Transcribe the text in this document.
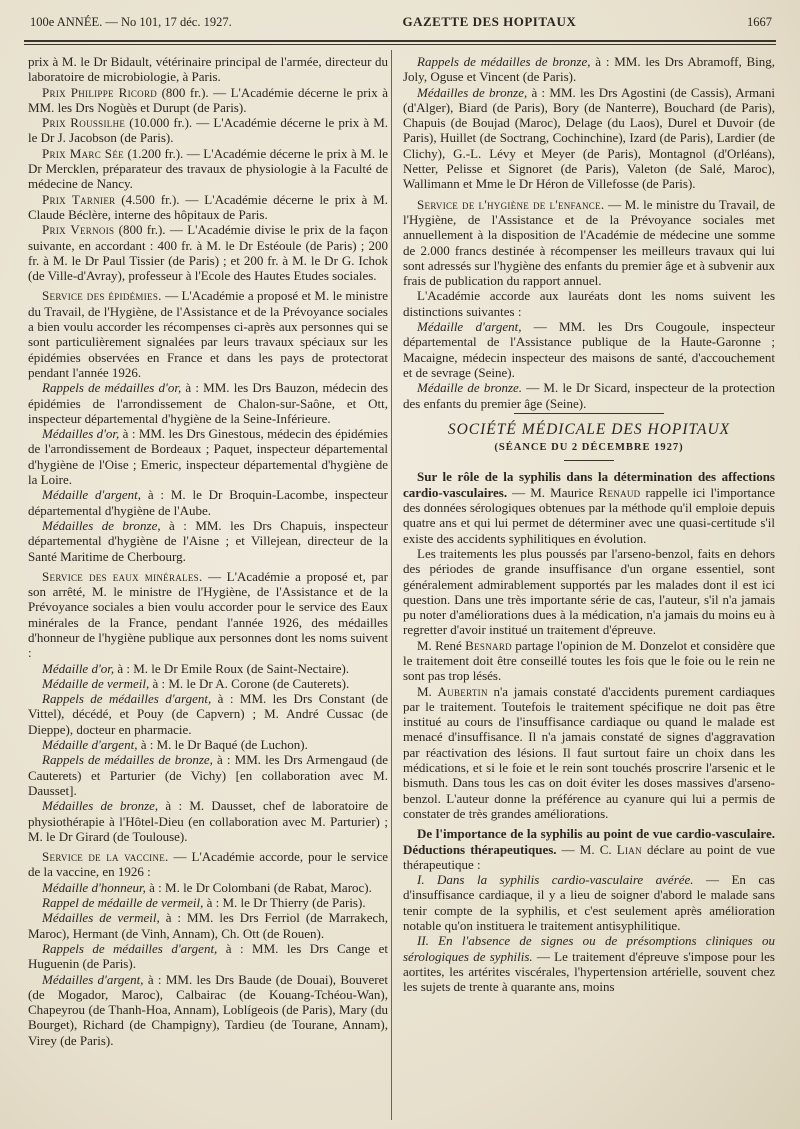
100e ANNÉE. — No 101, 17 déc. 1927.	GAZETTE DES HOPITAUX	1667

prix à M. le Dr Bidault, vétérinaire principal de l'armée, directeur du laboratoire de microbiologie, à Paris.

Prix Philippe Ricord (800 fr.). — L'Académie décerne le prix à MM. les Drs Nogùès et Durupt (de Paris).

Prix Roussilhe (10.000 fr.). — L'Académie décerne le prix à M. le Dr J. Jacobson (de Paris).

Prix Marc Sée (1.200 fr.). — L'Académie décerne le prix à M. le Dr Mercklen, préparateur des travaux de physiologie à la Faculté de médecine de Nancy.

Prix Tarnier (4.500 fr.). — L'Académie décerne le prix à M. Claude Béclère, interne des hôpitaux de Paris.

Prix Vernois (800 fr.). — L'Académie divise le prix de la façon suivante, en accordant : 400 fr. à M. le Dr Estéoule (de Paris) ; 200 fr. à M. le Dr Paul Tissier (de Paris) ; et 200 fr. à M. le Dr G. Ichok (de Ville-d'Avray), professeur à l'Ecole des Hautes Etudes sociales.

Service des épidémies. — L'Académie a proposé et M. le ministre du Travail, de l'Hygiène, de l'Assistance et de la Prévoyance sociales a bien voulu accorder les récompenses ci-après aux personnes qui se sont particulièrement signalées par leurs travaux spéciaux sur les épidémies observées en France et dans les pays de protectorat pendant l'année 1926.

Rappels de médailles d'or, à : MM. les Drs Bauzon, médecin des épidémies de l'arrondissement de Chalon-sur-Saône, et Ott, inspecteur départemental d'hygiène de la Seine-Inférieure.

Médailles d'or, à : MM. les Drs Ginestous, médecin des épidémies de l'arrondissement de Bordeaux ; Paquet, inspecteur départemental d'hygiène de l'Oise ; Emeric, inspecteur départemental d'hygiène de la Loire.

Médaille d'argent, à : M. le Dr Broquin-Lacombe, inspecteur départemental d'hygiène de l'Aube.

Médailles de bronze, à : MM. les Drs Chapuis, inspecteur départemental d'hygiène de l'Aisne ; et Villejean, directeur de la Santé Maritime de Cherbourg.

Service des eaux minérales. — L'Académie a proposé et, par son arrêté, M. le ministre de l'Hygiène, de l'Assistance et de la Prévoyance sociales a bien voulu accorder pour le service des Eaux minérales de la France, pendant l'année 1926, des médailles d'honneur de l'hygiène publique aux personnes dont les noms suivent :

Médaille d'or, à : M. le Dr Emile Roux (de Saint-Nectaire).

Médaille de vermeil, à : M. le Dr A. Corone (de Cauterets).

Rappels de médailles d'argent, à : MM. les Drs Constant (de Vittel), décédé, et Pouy (de Capvern) ; M. André Cussac (de Dieppe), docteur en pharmacie.

Médaille d'argent, à : M. le Dr Baqué (de Luchon).

Rappels de médailles de bronze, à : MM. les Drs Armengaud (de Cauterets) et Parturier (de Vichy) [en collaboration avec M. Dausset].

Médailles de bronze, à : M. Dausset, chef de laboratoire de physiothérapie à l'Hôtel-Dieu (en collaboration avec M. Parturier) ; M. le Dr Girard (de Toulouse).

Service de la vaccine. — L'Académie accorde, pour le service de la vaccine, en 1926 :

Médaille d'honneur, à : M. le Dr Colombani (de Rabat, Maroc).

Rappel de médaille de vermeil, à : M. le Dr Thierry (de Paris).

Médailles de vermeil, à : MM. les Drs Ferriol (de Marrakech, Maroc), Hermant (de Vinh, Annam), Ch. Ott (de Rouen).

Rappels de médailles d'argent, à : MM. les Drs Cange et Huguenin (de Paris).

Médailles d'argent, à : MM. les Drs Baude (de Douai), Bouveret (de Mogador, Maroc), Calbairac (de Kouang-Tchéou-Wan), Chapeyrou (de Thanh-Hoa, Annam), Loblígeois (de Paris), Mary (du Bourget), Richard (de Champigny), Tardieu (de Tourane, Annam), Virey (de Paris).

Rappels de médailles de bronze, à : MM. les Drs Abramoff, Bing, Joly, Oguse et Vincent (de Paris).

Médailles de bronze, à : MM. les Drs Agostini (de Cassis), Armani (d'Alger), Biard (de Paris), Bory (de Nanterre), Bouchard (de Paris), Chapuis (de Boujad (Maroc), Delage (du Laos), Durel et Duvoir (de Paris), Huillet (de Soctrang, Cochinchine), Izard (de Paris), Lardier (de Clichy), G.-L. Lévy et Meyer (de Paris), Montagnol (d'Orléans), Netter, Pelisse et Signoret (de Paris), Valeton (de Salé, Maroc), Wallimann et Mme le Dr Héron de Villefosse (de Paris).

Service de l'hygiène de l'enfance. — M. le ministre du Travail, de l'Hygiène, de l'Assistance et de la Prévoyance sociales met annuellement à la disposition de l'Académie de médecine une somme de 2.000 francs destinée à récompenser les meilleurs travaux qui lui sont adressés sur l'hygiène des enfants du premier âge et à subvenir aux frais de publication du rapport annuel.

L'Académie accorde aux lauréats dont les noms suivent les distinctions suivantes :

Médaille d'argent, — MM. les Drs Cougoule, inspecteur départemental de l'Assistance publique de la Haute-Garonne ; Macaigne, médecin inspecteur des maisons de santé, d'accouchement et de sevrage (Seine).

Médaille de bronze. — M. le Dr Sicard, inspecteur de la protection des enfants du premier âge (Seine).

SOCIÉTÉ MÉDICALE DES HOPITAUX
(SÉANCE DU 2 DÉCEMBRE 1927)

Sur le rôle de la syphilis dans la détermination des affections cardio-vasculaires. — M. Maurice Renaud rappelle ici l'importance des données sérologiques obtenues par la méthode qu'il emploie depuis quatre ans et qui lui permet de déterminer avec une quasi-certitude s'il existe des accidents syphilitiques en évolution.

Les traitements les plus poussés par l'arseno-benzol, faits en dehors des périodes de grande insuffisance d'un organe essentiel, sont généralement admirablement supportés par les malades dont il est ici question. Dans une très importante série de cas, l'auteur, s'il n'a jamais pu noter d'améliorations dues à la médication, n'a jamais du moins eu à regretter d'avoir institué un traitement d'épreuve.

M. René Besnard partage l'opinion de M. Donzelot et considère que le traitement doit être conseillé toutes les fois que le foie ou le rein ne sont pas trop lésés.

M. Aubertin n'a jamais constaté d'accidents purement cardiaques par le traitement. Toutefois le traitement spécifique ne doit pas être institué au cours de l'insuffisance cardiaque ou quand le malade est menacé d'insuffisance. Il n'a jamais constaté de signes d'aggravation par réactivation des lésions. Il faut surtout faire un choix dans les médications, et si le foie et le rein sont touchés proscrire l'arsenic et le bismuth. Dans tous les cas on doit éviter les doses massives d'arseno-benzol. L'auteur donne la préférence au cyanure qui lui a permis de constater de très grandes améliorations.

De l'importance de la syphilis au point de vue cardio-vasculaire. Déductions thérapeutiques. — M. C. Lian déclare au point de vue thérapeutique :

I. Dans la syphilis cardio-vasculaire avérée. — En cas d'insuffisance cardiaque, il y a lieu de soigner d'abord le malade sans tenir compte de la syphilis, et c'est seulement après amélioration notable qu'on instituera le traitement antisyphilitique.

II. En l'absence de signes ou de présomptions cliniques ou sérologiques de syphilis. — Le traitement d'épreuve s'impose pour les aortites, les artérites viscérales, l'hypertension artérielle, souvent chez les sujets de trente à quarante ans, moins
